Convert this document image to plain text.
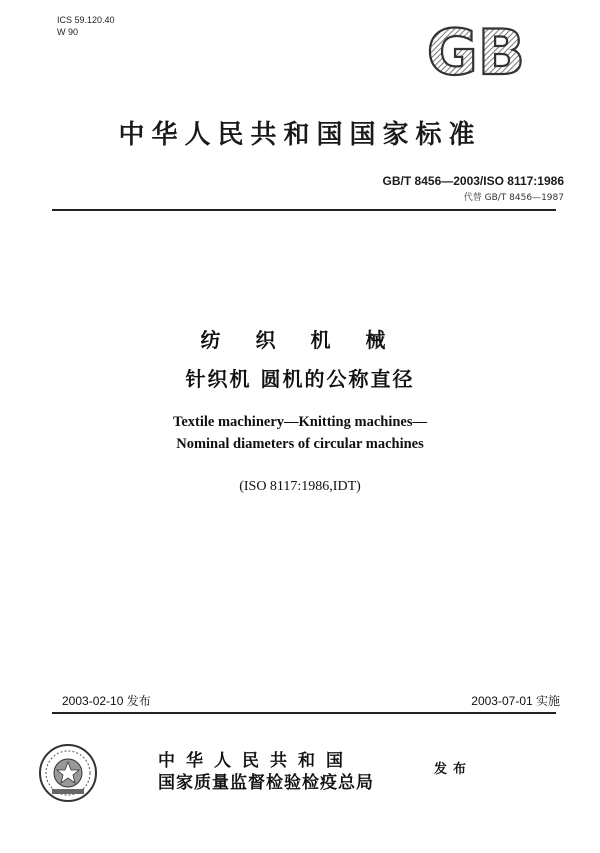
ICS 59.120.40
W 90	GB
中华人民共和国国家标准
GB/T 8456—2003/ISO 8117:1986
代替 GB/T 8456—1987
纺 织 机 械
针织机 圆机的公称直径
Textile machinery—Knitting machines—
Nominal diameters of circular machines
(ISO 8117:1986,IDT)
2003-02-10 发布	2003-07-01 实施
中华人民共和国
国家质量监督检验检疫总局
发布
